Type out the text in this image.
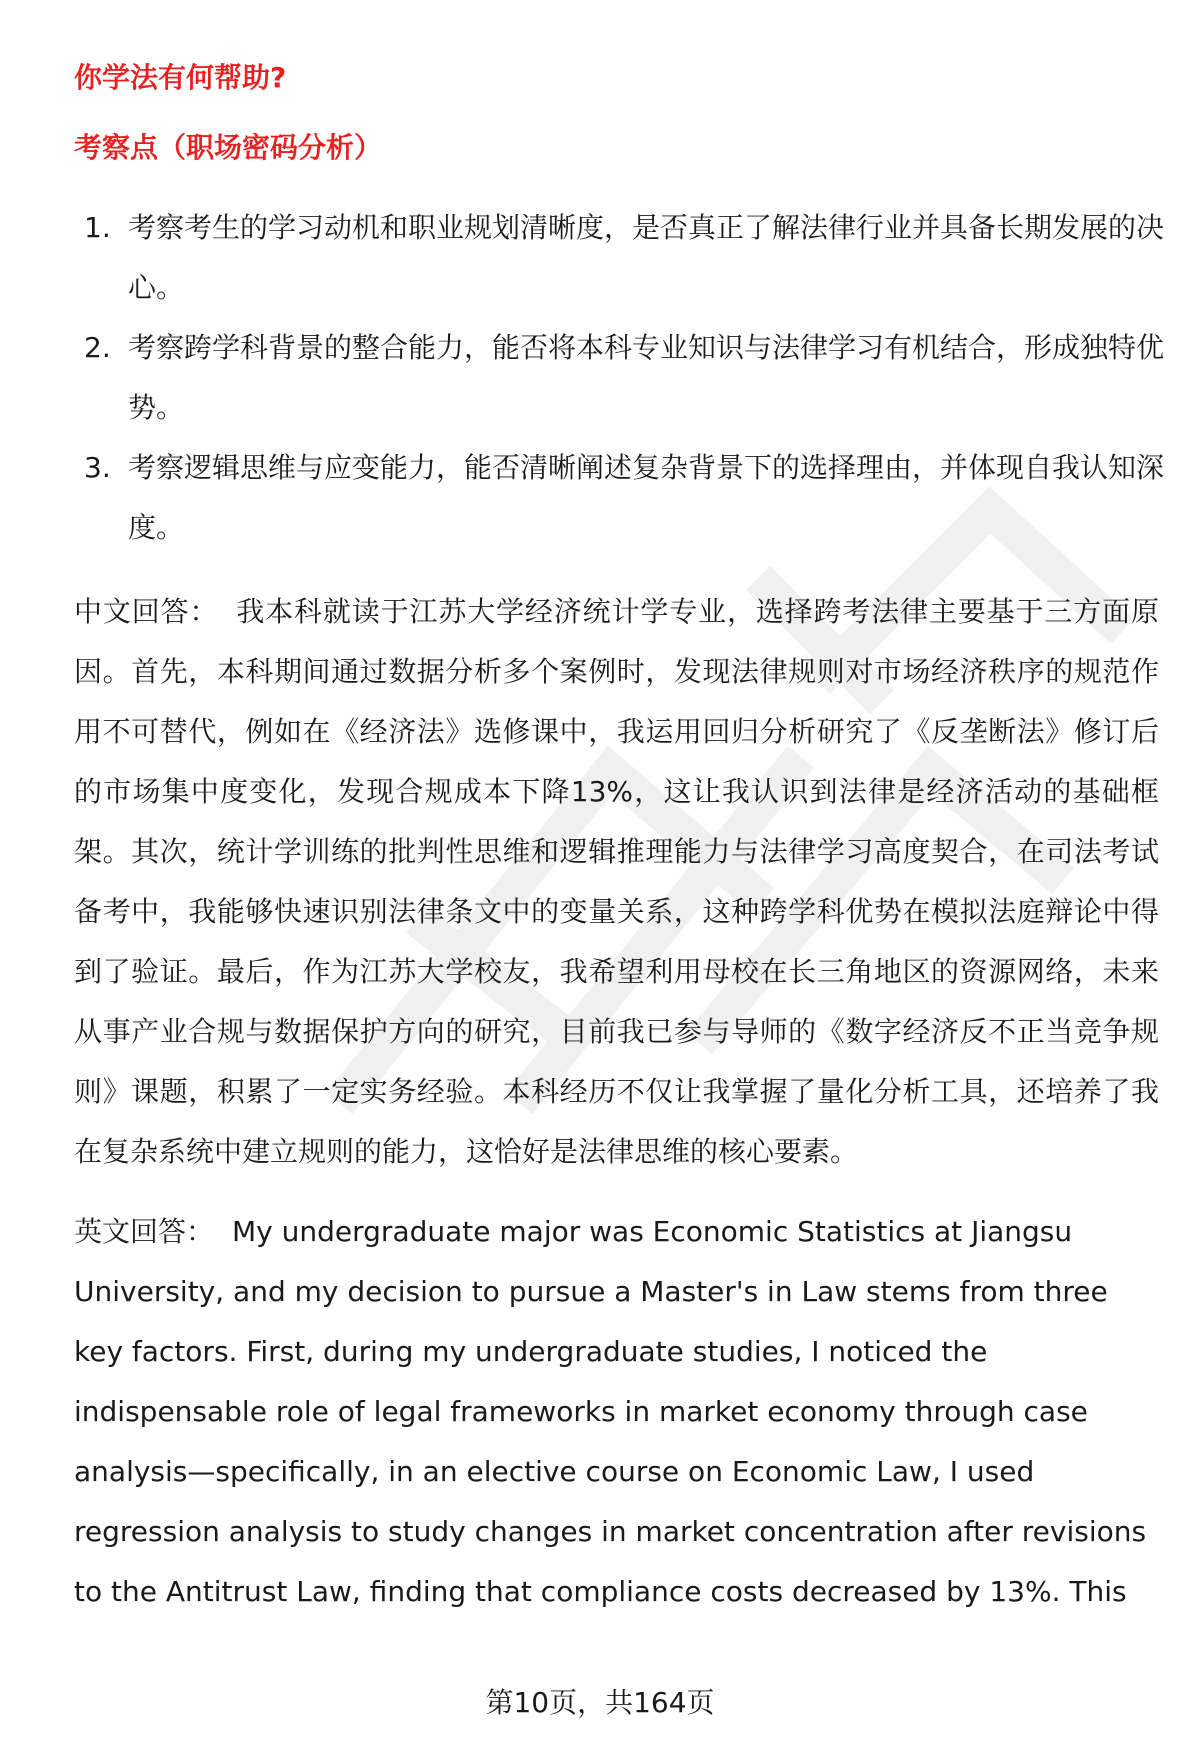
你学法有何帮助?
考察点（职场密码分析）
1. 考察考生的学习动机和职业规划清晰度，是否真正了解法律行业并具备长期发展的决心。
2. 考察跨学科背景的整合能力，能否将本科专业知识与法律学习有机结合，形成独特优势。
3. 考察逻辑思维与应变能力，能否清晰阐述复杂背景下的选择理由，并体现自我认知深度。

中文回答： 我本科就读于江苏大学经济统计学专业，选择跨考法律主要基于三方面原因。首先，本科期间通过数据分析多个案例时，发现法律规则对市场经济秩序的规范作用不可替代，例如在《经济法》选修课中，我运用回归分析研究了《反垄断法》修订后的市场集中度变化，发现合规成本下降13%，这让我认识到法律是经济活动的基础框架。其次，统计学训练的批判性思维和逻辑推理能力与法律学习高度契合，在司法考试备考中，我能够快速识别法律条文中的变量关系，这种跨学科优势在模拟法庭辩论中得到了验证。最后，作为江苏大学校友，我希望利用母校在长三角地区的资源网络，未来从事产业合规与数据保护方向的研究，目前我已参与导师的《数字经济反不正当竞争规则》课题，积累了一定实务经验。本科经历不仅让我掌握了量化分析工具，还培养了我在复杂系统中建立规则的能力，这恰好是法律思维的核心要素。

英文回答： My undergraduate major was Economic Statistics at Jiangsu University, and my decision to pursue a Master's in Law stems from three key factors. First, during my undergraduate studies, I noticed the indispensable role of legal frameworks in market economy through case analysis—specifically, in an elective course on Economic Law, I used regression analysis to study changes in market concentration after revisions to the Antitrust Law, finding that compliance costs decreased by 13%. This

第10页，共164页
